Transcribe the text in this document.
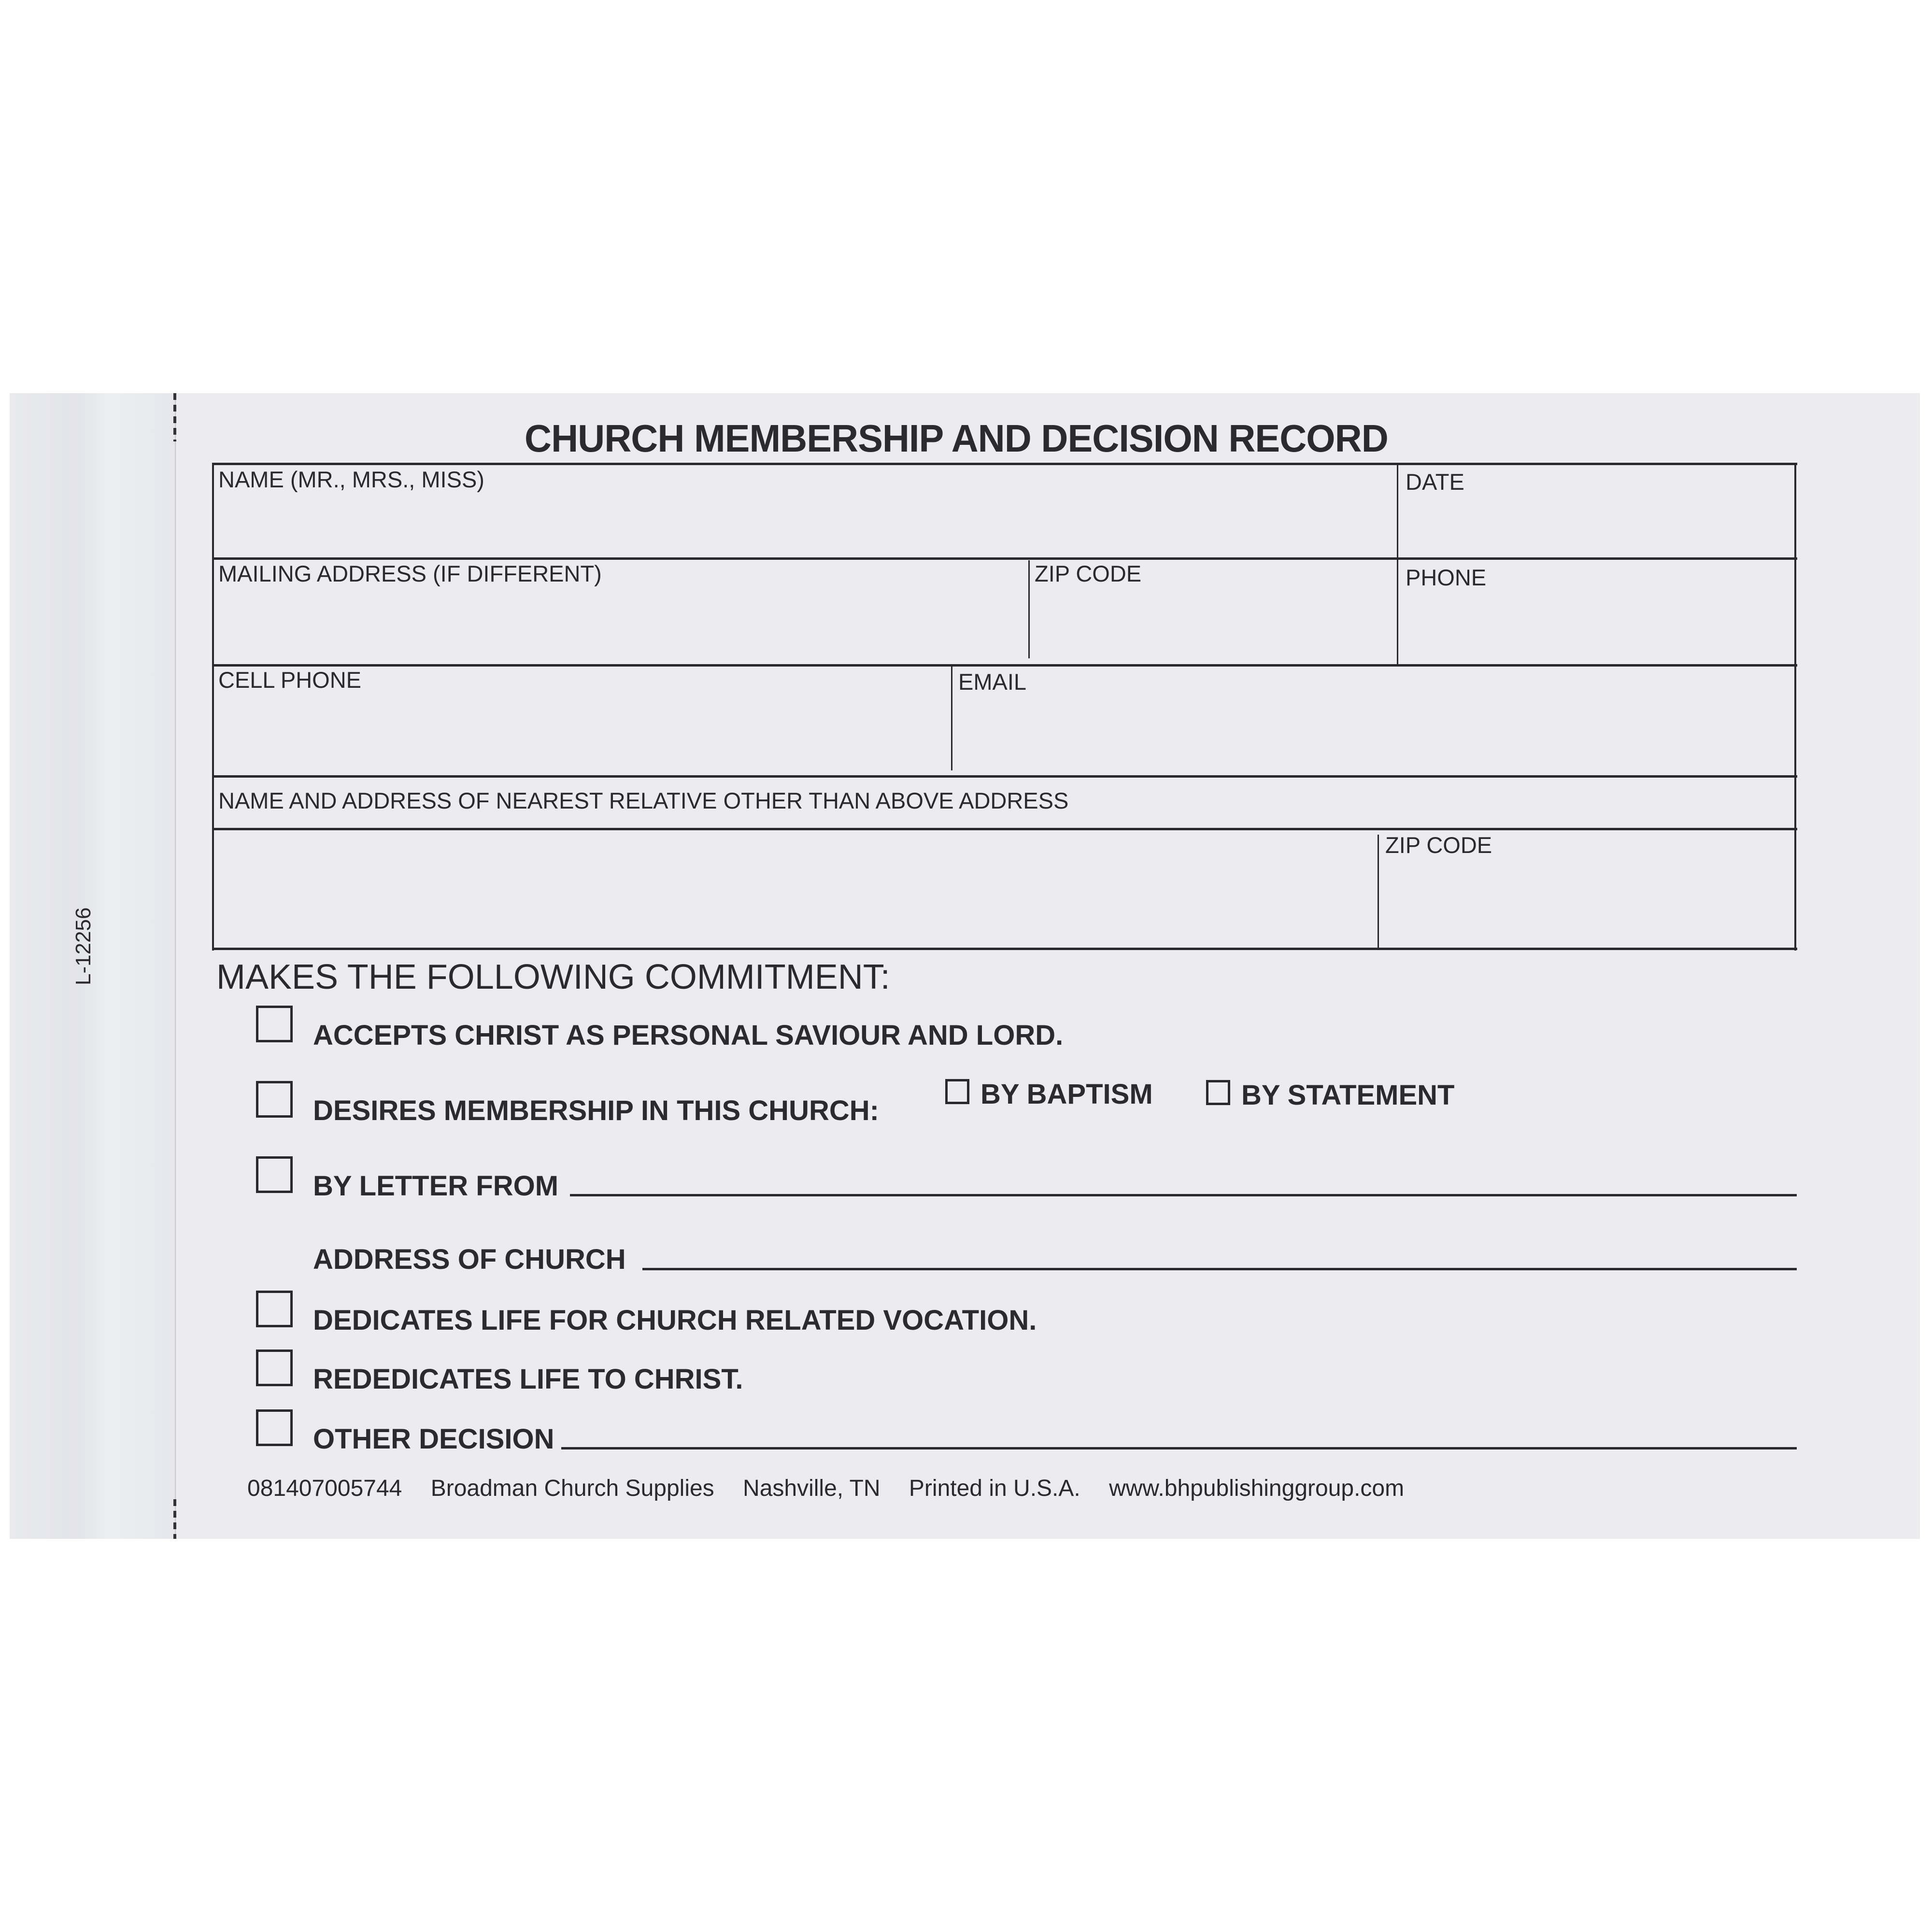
L-12256
CHURCH MEMBERSHIP AND DECISION RECORD
NAME (MR., MRS., MISS)	DATE
MAILING ADDRESS (IF DIFFERENT)	ZIP CODE	PHONE
CELL PHONE	EMAIL
NAME AND ADDRESS OF NEAREST RELATIVE OTHER THAN ABOVE ADDRESS
ZIP CODE
MAKES THE FOLLOWING COMMITMENT:
ACCEPTS CHRIST AS PERSONAL SAVIOUR AND LORD.
DESIRES MEMBERSHIP IN THIS CHURCH:
BY BAPTISM	BY STATEMENT
BY LETTER FROM
ADDRESS OF CHURCH
DEDICATES LIFE FOR CHURCH RELATED VOCATION.
REDEDICATES LIFE TO CHRIST.
OTHER DECISION
081407005744 Broadman Church Supplies Nashville, TN Printed in U.S.A. www.bhpublishinggroup.com
